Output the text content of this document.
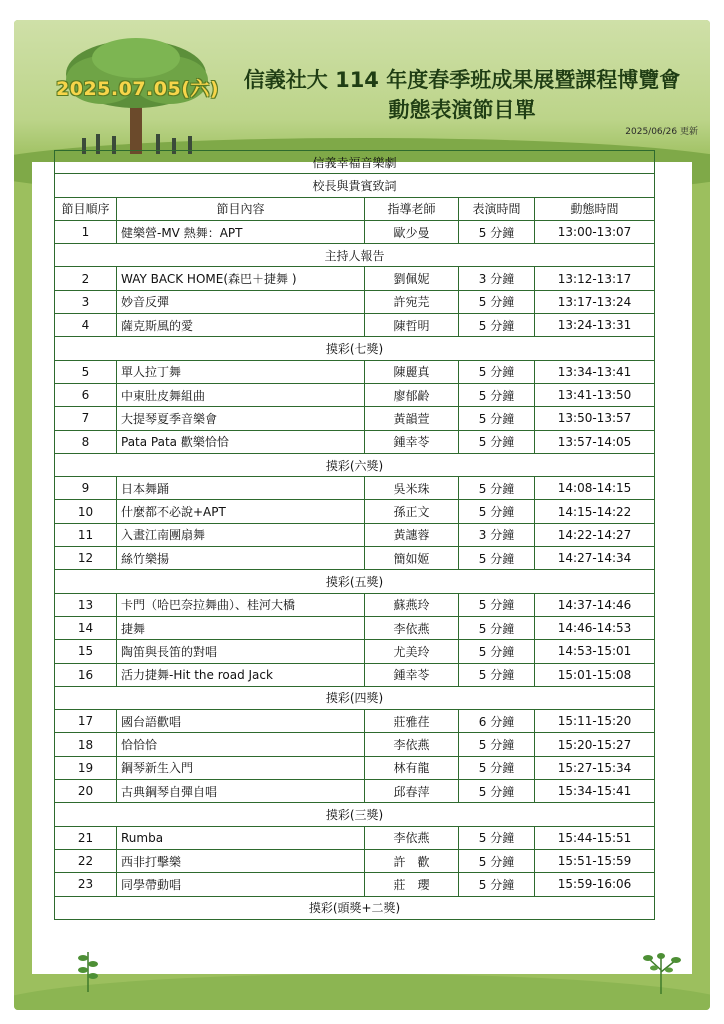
2025.07.05(六)	信義社大 114 年度春季班成果展暨課程博覽會
動態表演節目單
2025/06/26 更新
信義幸福音樂劇				
校長與貴賓致詞				
節目順序	節目內容	指導老師	表演時間	動態時間
1	健樂營-MV 熱舞：APT	歐少曼	5 分鐘	13:00-13:07
主持人報告				
2	WAY BACK HOME(森巴＋捷舞 )	劉佩妮	3 分鐘	13:12-13:17
3	妙音反彈	許宛芫	5 分鐘	13:17-13:24
4	薩克斯風的愛	陳哲明	5 分鐘	13:24-13:31
摸彩(七獎)				
5	單人拉丁舞	陳麗真	5 分鐘	13:34-13:41
6	中東肚皮舞組曲	廖郁齡	5 分鐘	13:41-13:50
7	大提琴夏季音樂會	黃韻萱	5 分鐘	13:50-13:57
8	Pata Pata 歡樂恰恰	鍾幸苓	5 分鐘	13:57-14:05
摸彩(六獎)				
9	日本舞踊	吳米珠	5 分鐘	14:08-14:15
10	什麼都不必說+APT	孫正文	5 分鐘	14:15-14:22
11	入畫江南團扇舞	黃譓蓉	3 分鐘	14:22-14:27
12	絲竹樂揚	簡如姬	5 分鐘	14:27-14:34
摸彩(五獎)				
13	卡門（哈巴奈拉舞曲）、桂河大橋	蘇燕玲	5 分鐘	14:37-14:46
14	捷舞	李依燕	5 分鐘	14:46-14:53
15	陶笛與長笛的對唱	尤美玲	5 分鐘	14:53-15:01
16	活力捷舞-Hit the road Jack	鍾幸苓	5 分鐘	15:01-15:08
摸彩(四獎)				
17	國台語歡唱	莊雅荏	6 分鐘	15:11-15:20
18	恰恰恰	李依燕	5 分鐘	15:20-15:27
19	鋼琴新生入門	林有龍	5 分鐘	15:27-15:34
20	古典鋼琴自彈自唱	邱春萍	5 分鐘	15:34-15:41
摸彩(三獎)				
21	Rumba	李依燕	5 分鐘	15:44-15:51
22	西非打擊樂	許　歡	5 分鐘	15:51-15:59
23	同學帶動唱	莊　瓔	5 分鐘	15:59-16:06
摸彩(頭獎+二獎)				
